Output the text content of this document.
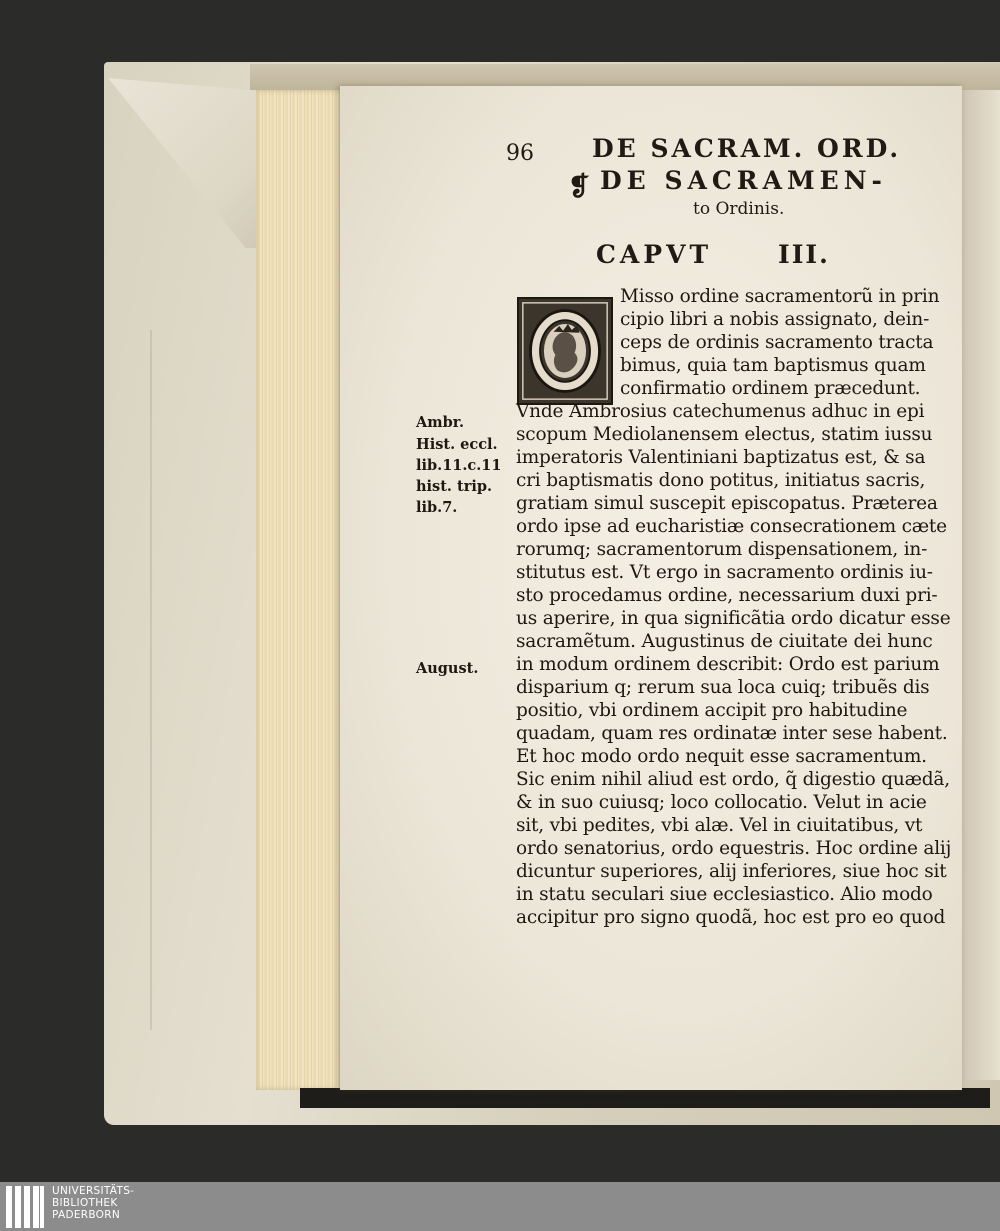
96 DE SACRAM. ORD.
❡ DE SACRAMEN-
to Ordinis.
CAPVT	III.
Misso ordine sacramentorũ in prin
cipio libri a nobis assignato, dein-
ceps de ordinis sacramento tracta
bimus, quia tam baptismus quam
confirmatio ordinem præcedunt.
Vnde Ambrosius catechumenus adhuc in epi
scopum Mediolanensem electus, statim iussu
imperatoris Valentiniani baptizatus est, & sa
cri baptismatis dono potitus, initiatus sacris,
gratiam simul suscepit episcopatus. Præterea
ordo ipse ad eucharistiæ consecrationem cæte
rorumq; sacramentorum dispensationem, in-
stitutus est. Vt ergo in sacramento ordinis iu-
sto procedamus ordine, necessarium duxi pri-
us aperire, in qua significãtia ordo dicatur esse
sacramẽtum. Augustinus de ciuitate dei hunc
in modum ordinem describit: Ordo est parium
disparium q; rerum sua loca cuiq; tribuẽs dis
positio, vbi ordinem accipit pro habitudine
quadam, quam res ordinatæ inter sese habent.
Et hoc modo ordo nequit esse sacramentum.
Sic enim nihil aliud est ordo, q̃ digestio quædã,
& in suo cuiusq; loco collocatio. Velut in acie
sit, vbi pedites, vbi alæ. Vel in ciuitatibus, vt
ordo senatorius, ordo equestris. Hoc ordine alij
dicuntur superiores, alij inferiores, siue hoc sit
in statu seculari siue ecclesiastico. Alio modo
accipitur pro signo quodã, hoc est pro eo quod
Ambr.
Hist. eccl.
lib.11.c.11
hist. trip.
lib.7.
August.
UNIVERSITÄTS-
BIBLIOTHEK
PADERBORN
